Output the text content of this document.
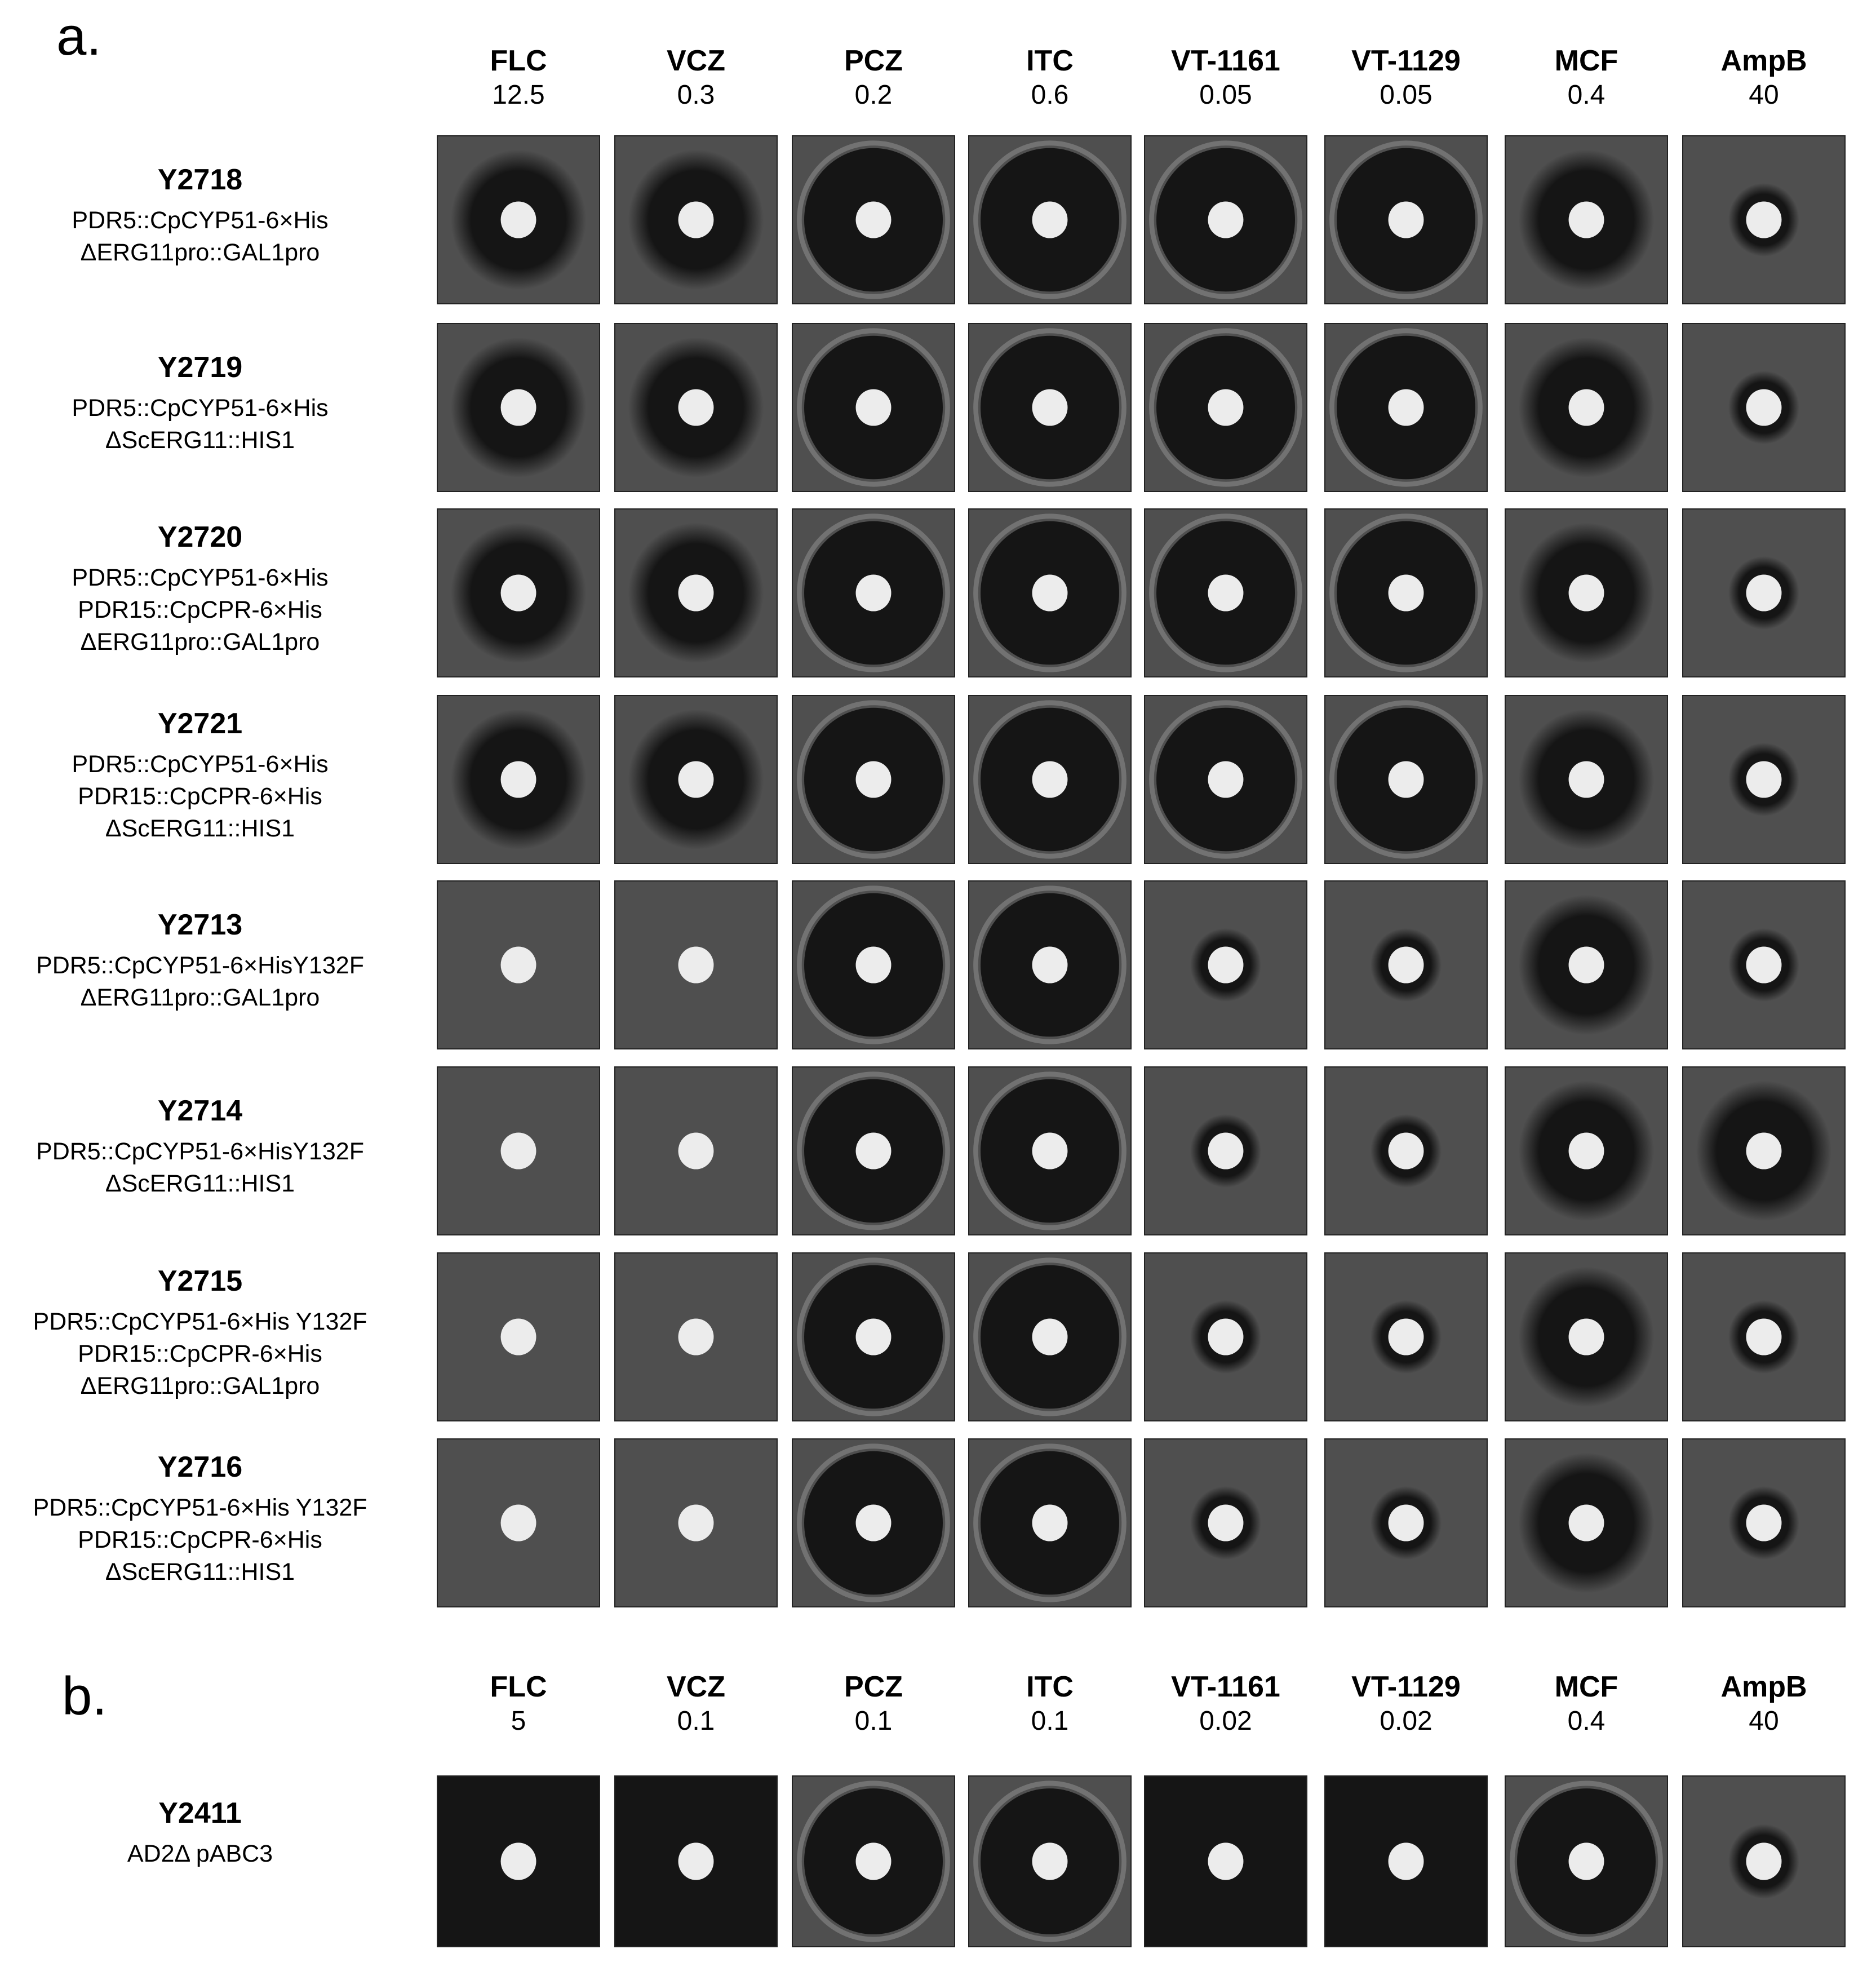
a.	FLC
12.5
VCZ
0.3
PCZ
0.2
ITC
0.6
VT-1161
0.05
VT-1129
0.05
MCF
0.4
AmpB
40
Y2718
PDR5::CpCYP51-6×His
ΔERG11pro::GAL1pro
Y2719
PDR5::CpCYP51-6×His
ΔScERG11::HIS1
Y2720
PDR5::CpCYP51-6×His
PDR15::CpCPR-6×His
ΔERG11pro::GAL1pro
Y2721
PDR5::CpCYP51-6×His
PDR15::CpCPR-6×His
ΔScERG11::HIS1
Y2713
PDR5::CpCYP51-6×HisY132F
ΔERG11pro::GAL1pro
Y2714
PDR5::CpCYP51-6×HisY132F
ΔScERG11::HIS1
Y2715
PDR5::CpCYP51-6×His Y132F
PDR15::CpCPR-6×His
ΔERG11pro::GAL1pro
Y2716
PDR5::CpCYP51-6×His Y132F
PDR15::CpCPR-6×His
ΔScERG11::HIS1
b.	FLC
5
VCZ
0.1
PCZ
0.1
ITC
0.1
VT-1161
0.02
VT-1129
0.02
MCF
0.4
AmpB
40
Y2411
AD2Δ pABC3
